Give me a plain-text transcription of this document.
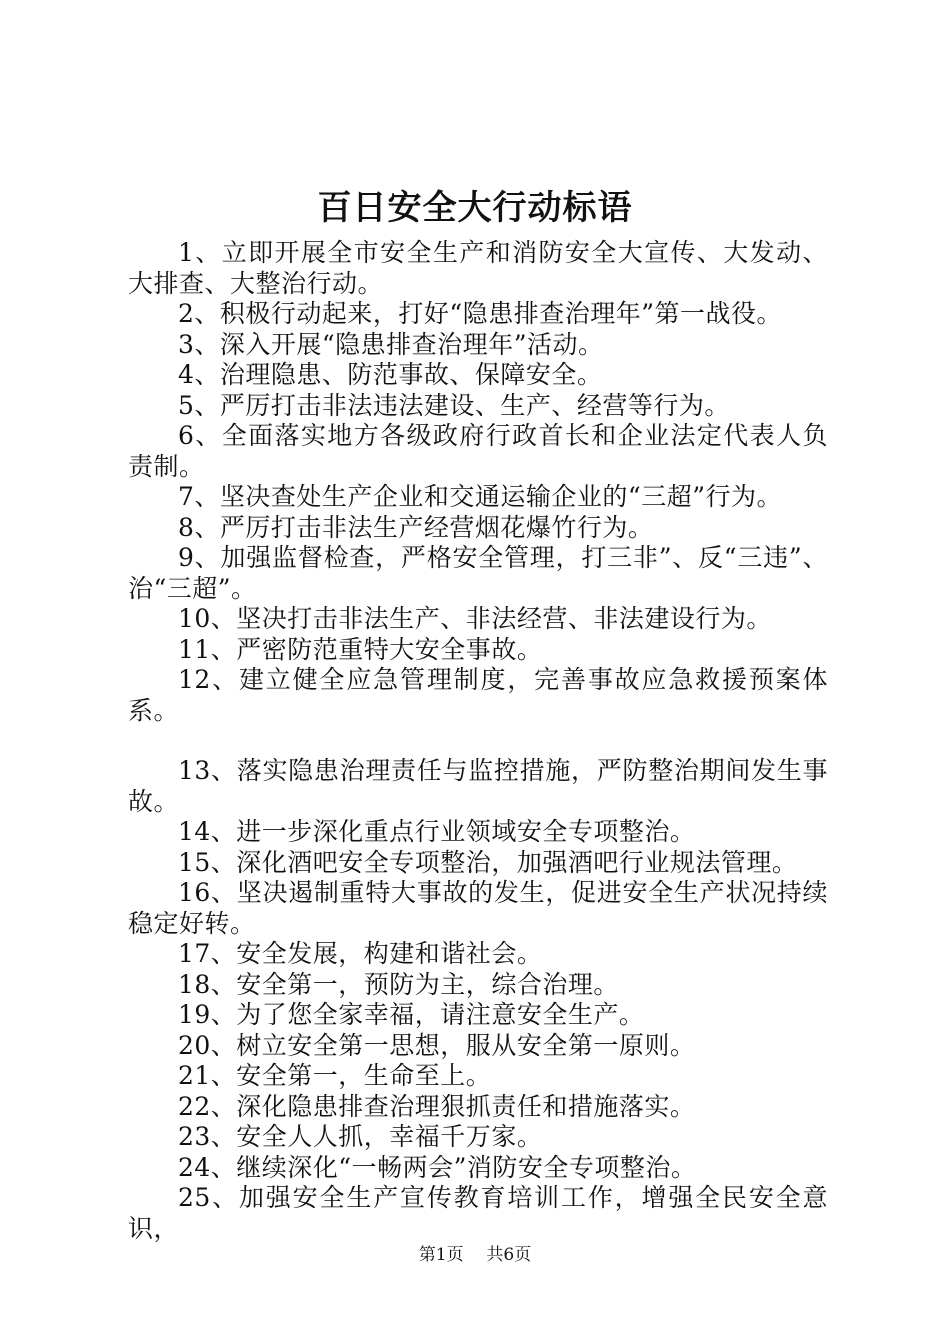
百日安全大行动标语

1、立即开展全市安全生产和消防安全大宣传、大发动、大排查、大整治行动。

2、积极行动起来，打好“隐患排查治理年”第一战役。

3、深入开展“隐患排查治理年”活动。

4、治理隐患、防范事故、保障安全。

5、严厉打击非法违法建设、生产、经营等行为。

6、全面落实地方各级政府行政首长和企业法定代表人负责制。

7、坚决查处生产企业和交通运输企业的“三超”行为。

8、严厉打击非法生产经营烟花爆竹行为。

9、加强监督检查，严格安全管理，打三非”、反“三违”、治“三超”。

10、坚决打击非法生产、非法经营、非法建设行为。

11、严密防范重特大安全事故。

12、建立健全应急管理制度，完善事故应急救援预案体系。

13、落实隐患治理责任与监控措施，严防整治期间发生事故。

14、进一步深化重点行业领域安全专项整治。

15、深化酒吧安全专项整治，加强酒吧行业规法管理。

16、坚决遏制重特大事故的发生，促进安全生产状况持续稳定好转。

17、安全发展，构建和谐社会。

18、安全第一，预防为主，综合治理。

19、为了您全家幸福，请注意安全生产。

20、树立安全第一思想，服从安全第一原则。

21、安全第一，生命至上。

22、深化隐患排查治理狠抓责任和措施落实。

23、安全人人抓，幸福千万家。

24、继续深化“一畅两会”消防安全专项整治。

25、加强安全生产宣传教育培训工作，增强全民安全意识，

第1页 共6页
